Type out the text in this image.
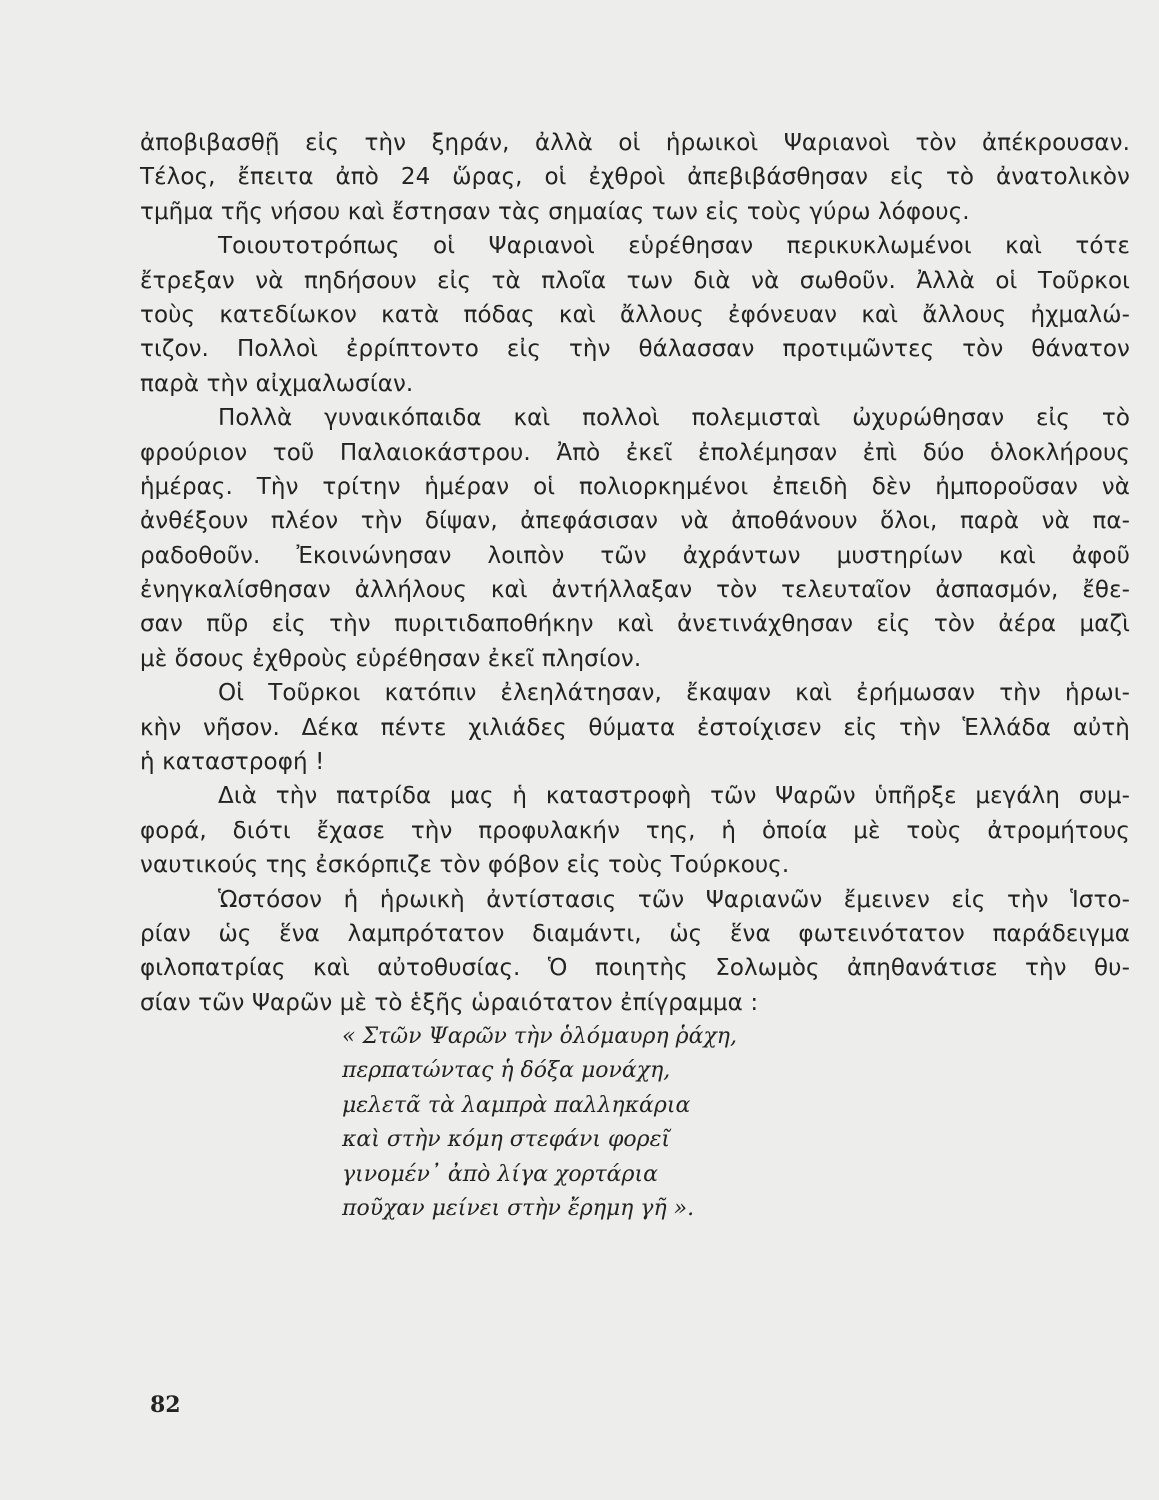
ἀποβιβασθῇ εἰς τὴν ξηράν, ἀλλὰ οἱ ἡρωικοὶ Ψαριανοὶ τὸν ἀπέκρουσαν.
Τέλος, ἔπειτα ἀπὸ 24 ὥρας, οἱ ἐχθροὶ ἀπεβιβάσθησαν εἰς τὸ ἀνατολικὸν
τμῆμα τῆς νήσου καὶ ἔστησαν τὰς σημαίας των εἰς τοὺς γύρω λόφους.
Τοιουτοτρόπως οἱ Ψαριανοὶ εὑρέθησαν περικυκλωμένοι καὶ τότε
ἔτρεξαν νὰ πηδήσουν εἰς τὰ πλοῖα των διὰ νὰ σωθοῦν. Ἀλλὰ οἱ Τοῦρκοι
τοὺς κατεδίωκον κατὰ πόδας καὶ ἄλλους ἐφόνευαν καὶ ἄλλους ἠχμαλώ-
τιζον. Πολλοὶ ἐρρίπτοντο εἰς τὴν θάλασσαν προτιμῶντες τὸν θάνατον
παρὰ τὴν αἰχμαλωσίαν.
Πολλὰ γυναικόπαιδα καὶ πολλοὶ πολεμισταὶ ὠχυρώθησαν εἰς τὸ
φρούριον τοῦ Παλαιοκάστρου. Ἀπὸ ἐκεῖ ἐπολέμησαν ἐπὶ δύο ὁλοκλήρους
ἡμέρας. Τὴν τρίτην ἡμέραν οἱ πολιορκημένοι ἐπειδὴ δὲν ἠμποροῦσαν νὰ
ἀνθέξουν πλέον τὴν δίψαν, ἀπεφάσισαν νὰ ἀποθάνουν ὅλοι, παρὰ νὰ πα-
ραδοθοῦν. Ἐκοινώνησαν λοιπὸν τῶν ἀχράντων μυστηρίων καὶ ἀφοῦ
ἐνηγκαλίσθησαν ἀλλήλους καὶ ἀντήλλαξαν τὸν τελευταῖον ἀσπασμόν, ἔθε-
σαν πῦρ εἰς τὴν πυριτιδαποθήκην καὶ ἀνετινάχθησαν εἰς τὸν ἀέρα μαζὶ
μὲ ὅσους ἐχθροὺς εὑρέθησαν ἐκεῖ πλησίον.
Οἱ Τοῦρκοι κατόπιν ἐλεηλάτησαν, ἔκαψαν καὶ ἐρήμωσαν τὴν ἡρωι-
κὴν νῆσον. Δέκα πέντε χιλιάδες θύματα ἐστοίχισεν εἰς τὴν Ἑλλάδα αὐτὴ
ἡ καταστροφή !
Διὰ τὴν πατρίδα μας ἡ καταστροφὴ τῶν Ψαρῶν ὑπῆρξε μεγάλη συμ-
φορά, διότι ἔχασε τὴν προφυλακήν της, ἡ ὁποία μὲ τοὺς ἀτρομήτους
ναυτικούς της ἐσκόρπιζε τὸν φόβον εἰς τοὺς Τούρκους.
Ὡστόσον ἡ ἡρωικὴ ἀντίστασις τῶν Ψαριανῶν ἔμεινεν εἰς τὴν Ἱστο-
ρίαν ὡς ἕνα λαμπρότατον διαμάντι, ὡς ἕνα φωτεινότατον παράδειγμα
φιλοπατρίας καὶ αὐτοθυσίας. Ὁ ποιητὴς Σολωμὸς ἀπηθανάτισε τὴν θυ-
σίαν τῶν Ψαρῶν μὲ τὸ ἑξῆς ὡραιότατον ἐπίγραμμα :
« Στῶν Ψαρῶν τὴν ὁλόμαυρη ῥάχη,
περπατώντας ἡ δόξα μονάχη,
μελετᾶ τὰ λαμπρὰ παλληκάρια
καὶ στὴν κόμη στεφάνι φορεῖ
γινομέν᾽ ἀπὸ λίγα χορτάρια
ποῦχαν μείνει στὴν ἔρημη γῆ ».
82
